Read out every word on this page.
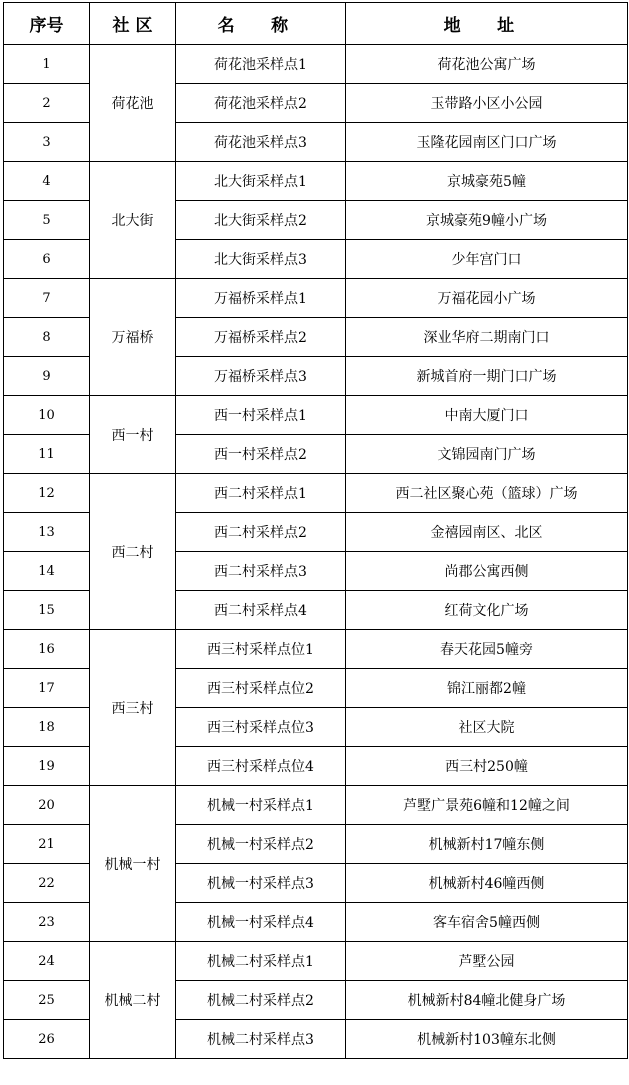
序号	社 区	名 称	地 址
1	荷花池	荷花池采样点1	荷花池公寓广场
2		荷花池采样点2	玉带路小区小公园
3		荷花池采样点3	玉隆花园南区门口广场
4	北大街	北大街采样点1	京城豪苑5幢
5		北大街采样点2	京城豪苑9幢小广场
6		北大街采样点3	少年宫门口
7	万福桥	万福桥采样点1	万福花园小广场
8		万福桥采样点2	深业华府二期南门口
9		万福桥采样点3	新城首府一期门口广场
10	西一村	西一村采样点1	中南大厦门口
11		西一村采样点2	文锦园南门广场
12	西二村	西二村采样点1	西二社区聚心苑（篮球）广场
13		西二村采样点2	金禧园南区、北区
14		西二村采样点3	尚郡公寓西侧
15		西二村采样点4	红荷文化广场
16	西三村	西三村采样点位1	春天花园5幢旁
17		西三村采样点位2	锦江丽都2幢
18		西三村采样点位3	社区大院
19		西三村采样点位4	西三村250幢
20	机械一村	机械一村采样点1	芦墅广景苑6幢和12幢之间
21		机械一村采样点2	机械新村17幢东侧
22		机械一村采样点3	机械新村46幢西侧
23		机械一村采样点4	客车宿舍5幢西侧
24	机械二村	机械二村采样点1	芦墅公园
25		机械二村采样点2	机械新村84幢北健身广场
26		机械二村采样点3	机械新村103幢东北侧
